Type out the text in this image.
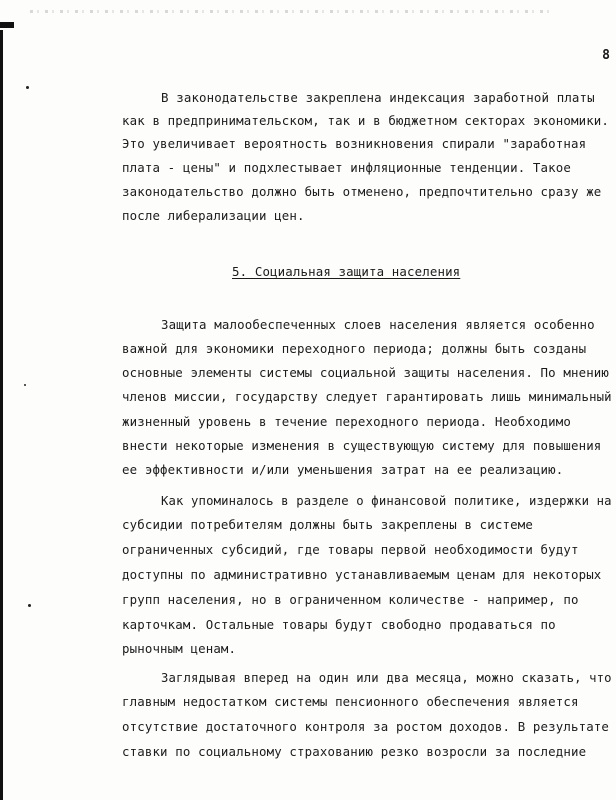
8
В законодательстве закреплена индексация заработной платы
как в предпринимательском, так и в бюджетном секторах экономики.
Это увеличивает вероятность возникновения спирали "заработная
плата - цены" и подхлестывает инфляционные тенденции. Такое
законодательство должно быть отменено, предпочтительно сразу же
после либерализации цен.
5. Социальная защита населения
Защита малообеспеченных слоев населения является особенно
важной для экономики переходного периода; должны быть созданы
основные элементы системы социальной защиты населения. По мнению
членов миссии, государству следует гарантировать лишь минимальный
жизненный уровень в течение переходного периода. Необходимо
внести некоторые изменения в существующую систему для повышения
ее эффективности и/или уменьшения затрат на ее реализацию.
Как упоминалось в разделе о финансовой политике, издержки на
субсидии потребителям должны быть закреплены в системе
ограниченных субсидий, где товары первой необходимости будут
доступны по административно устанавливаемым ценам для некоторых
групп населения, но в ограниченном количестве - например, по
карточкам. Остальные товары будут свободно продаваться по
рыночным ценам.
Заглядывая вперед на один или два месяца, можно сказать, что
главным недостатком системы пенсионного обеспечения является
отсутствие достаточного контроля за ростом доходов. В результате
ставки по социальному страхованию резко возросли за последние
